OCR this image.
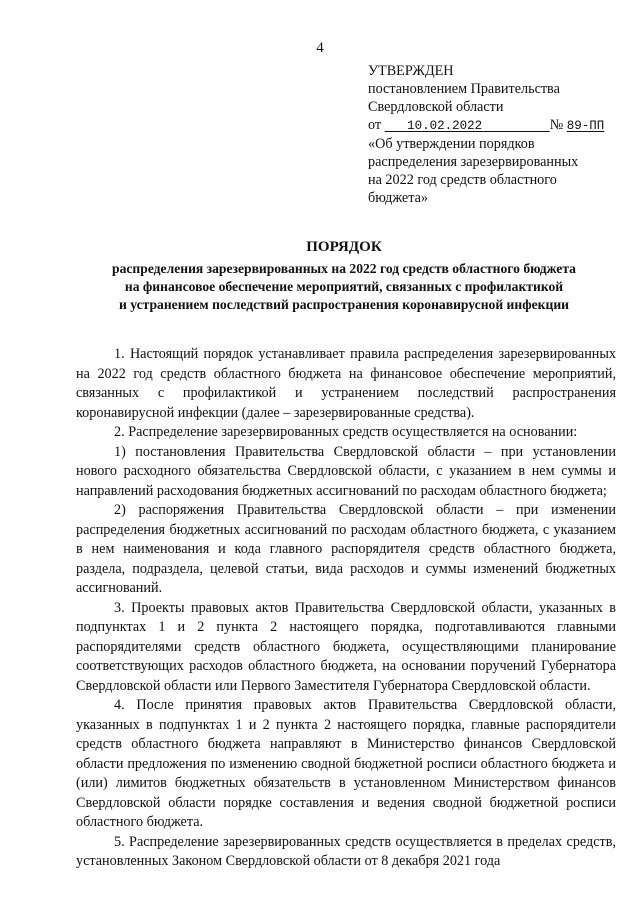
4
УТВЕРЖДЕН
постановлением Правительства
Свердловской области
от 10.02.2022	№ 89-ПП
«Об утверждении порядков
распределения зарезервированных
на 2022 год средств областного
бюджета»
ПОРЯДОК
распределения зарезервированных на 2022 год средств областного бюджета
на финансовое обеспечение мероприятий, связанных с профилактикой
и устранением последствий распространения коронавирусной инфекции

1. Настоящий порядок устанавливает правила распределения зарезервированных на 2022 год средств областного бюджета на финансовое обеспечение мероприятий, связанных с профилактикой и устранением последствий распространения коронавирусной инфекции (далее – зарезервированные средства).

2. Распределение зарезервированных средств осуществляется на основании:

1) постановления Правительства Свердловской области – при установлении нового расходного обязательства Свердловской области, с указанием в нем суммы и направлений расходования бюджетных ассигнований по расходам областного бюджета;

2) распоряжения Правительства Свердловской области – при изменении распределения бюджетных ассигнований по расходам областного бюджета, с указанием в нем наименования и кода главного распорядителя средств областного бюджета, раздела, подраздела, целевой статьи, вида расходов и суммы изменений бюджетных ассигнований.

3. Проекты правовых актов Правительства Свердловской области, указанных в подпунктах 1 и 2 пункта 2 настоящего порядка, подготавливаются главными распорядителями средств областного бюджета, осуществляющими планирование соответствующих расходов областного бюджета, на основании поручений Губернатора Свердловской области или Первого Заместителя Губернатора Свердловской области.

4. После принятия правовых актов Правительства Свердловской области, указанных в подпунктах 1 и 2 пункта 2 настоящего порядка, главные распорядители средств областного бюджета направляют в Министерство финансов Свердловской области предложения по изменению сводной бюджетной росписи областного бюджета и (или) лимитов бюджетных обязательств в установленном Министерством финансов Свердловской области порядке составления и ведения сводной бюджетной росписи областного бюджета.

5. Распределение зарезервированных средств осуществляется в пределах средств, установленных Законом Свердловской области от 8 декабря 2021 года
